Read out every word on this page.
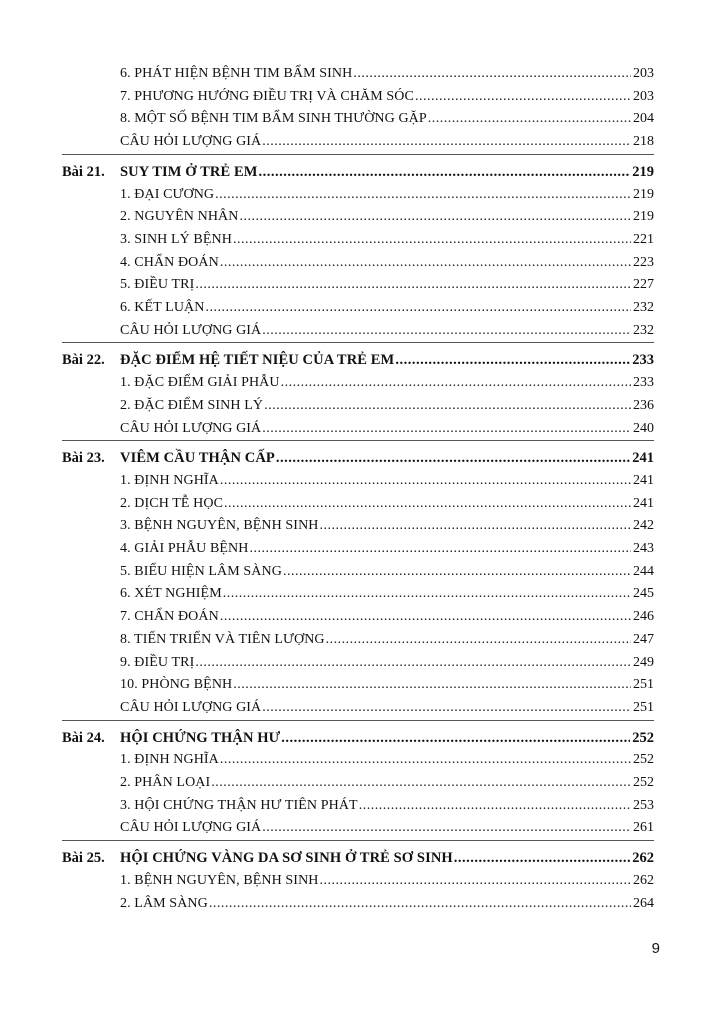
6. PHÁT HIỆN BỆNH TIM BẨM SINH .....	203
7. PHƯƠNG HƯỚNG ĐIỀU TRỊ VÀ CHĂM SÓC .....	203
8. MỘT SỐ BỆNH TIM BẨM SINH THƯỜNG GẶP .....	204
CÂU HỎI LƯỢNG GIÁ .....	218
Bài 21.	SUY TIM Ở TRẺ EM .....	219
1. ĐẠI CƯƠNG .....	219
2. NGUYÊN NHÂN .....	219
3. SINH LÝ BỆNH .....	221
4. CHẨN ĐOÁN .....	223
5. ĐIỀU TRỊ .....	227
6. KẾT LUẬN .....	232
CÂU HỎI LƯỢNG GIÁ .....	232
Bài 22.	ĐẶC ĐIỂM HỆ TIẾT NIỆU CỦA TRẺ EM .....	233
1. ĐẶC ĐIỂM GIẢI PHẪU .....	233
2. ĐẶC ĐIỂM SINH LÝ .....	236
CÂU HỎI LƯỢNG GIÁ .....	240
Bài 23.	VIÊM CẦU THẬN CẤP .....	241
1. ĐỊNH NGHĨA .....	241
2. DỊCH TỄ HỌC .....	241
3. BỆNH NGUYÊN, BỆNH SINH .....	242
4. GIẢI PHẪU BỆNH .....	243
5. BIỂU HIỆN LÂM SÀNG .....	244
6. XÉT NGHIỆM .....	245
7. CHẨN ĐOÁN .....	246
8. TIẾN TRIỂN VÀ TIÊN LƯỢNG .....	247
9. ĐIỀU TRỊ .....	249
10. PHÒNG BỆNH .....	251
CÂU HỎI LƯỢNG GIÁ .....	251
Bài 24.	HỘI CHỨNG THẬN HƯ .....	252
1. ĐỊNH NGHĨA .....	252
2. PHÂN LOẠI .....	252
3. HỘI CHỨNG THẬN HƯ TIÊN PHÁT .....	253
CÂU HỎI LƯỢNG GIÁ .....	261
Bài 25.	HỘI CHỨNG VÀNG DA SƠ SINH Ở TRẺ SƠ SINH .....	262
1. BỆNH NGUYÊN, BỆNH SINH .....	262
2. LÂM SÀNG .....	264
9
